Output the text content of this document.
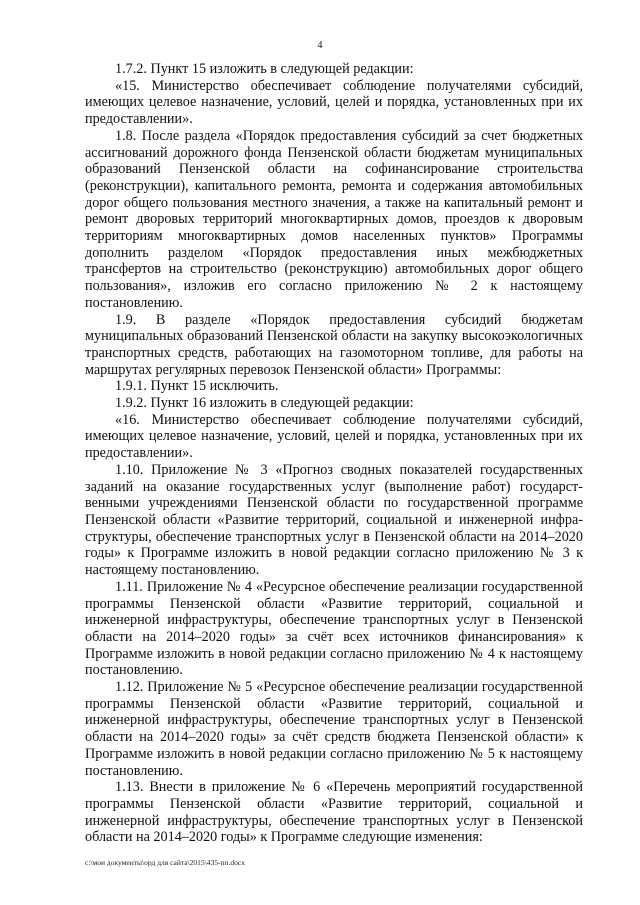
4

1.7.2. Пункт 15 изложить в следующей редакции:

«15. Министерство обеспечивает соблюдение получателями субсидий, имеющих целевое назначение, условий, целей и порядка, установленных при их предоставлении».

1.8. После раздела «Порядок предоставления субсидий за счет бюджетных ассигнований дорожного фонда Пензенской области бюджетам муниципальных образований Пензенской области на софинансирование строительства (реконструкции), капитального ремонта, ремонта и содержания автомобильных дорог общего пользования местного значения, а также на капитальный ремонт и ремонт дворовых территорий многоквартирных домов, проездов к дворовым территориям многоквартирных домов населенных пунктов» Программы дополнить разделом «Порядок предоставления иных межбюджетных трансфертов на строительство (реконструкцию) автомобильных дорог общего пользования», изложив его согласно приложению № 2 к настоящему постановлению.

1.9. В разделе «Порядок предоставления субсидий бюджетам муниципальных образований Пензенской области на закупку высокоэкологичных транспортных средств, работающих на газомоторном топливе, для работы на маршрутах регулярных перевозок Пензенской области» Программы:

1.9.1. Пункт 15 исключить.

1.9.2. Пункт 16 изложить в следующей редакции:

«16. Министерство обеспечивает соблюдение получателями субсидий, имеющих целевое назначение, условий, целей и порядка, установленных при их предоставлении».

1.10. Приложение № 3 «Прогноз сводных показателей государственных заданий на оказание государственных услуг (выполнение работ) государственными учреждениями Пензенской области по государственной программе Пензенской области «Развитие территорий, социальной и инженерной инфраструктуры, обеспечение транспортных услуг в Пензенской области на 2014–2020 годы» к Программе изложить в новой редакции согласно приложению № 3 к настоящему постановлению.

1.11. Приложение № 4 «Ресурсное обеспечение реализации государственной программы Пензенской области «Развитие территорий, социальной и инженерной инфраструктуры, обеспечение транспортных услуг в Пензенской области на 2014–2020 годы» за счёт всех источников финансирования» к Программе изложить в новой редакции согласно приложению № 4 к настоящему постановлению.

1.12. Приложение № 5 «Ресурсное обеспечение реализации государственной программы Пензенской области «Развитие территорий, социальной и инженерной инфраструктуры, обеспечение транспортных услуг в Пензенской области на 2014–2020 годы» за счёт средств бюджета Пензенской области» к Программе изложить в новой редакции согласно приложению № 5 к настоящему постановлению.

1.13. Внести в приложение № 6 «Перечень мероприятий государственной программы Пензенской области «Развитие территорий, социальной и инженерной инфраструктуры, обеспечение транспортных услуг в Пензенской области на 2014–2020 годы» к Программе следующие изменения:

c:\мои документы\орд для сайта\2015\435-пп.docx
